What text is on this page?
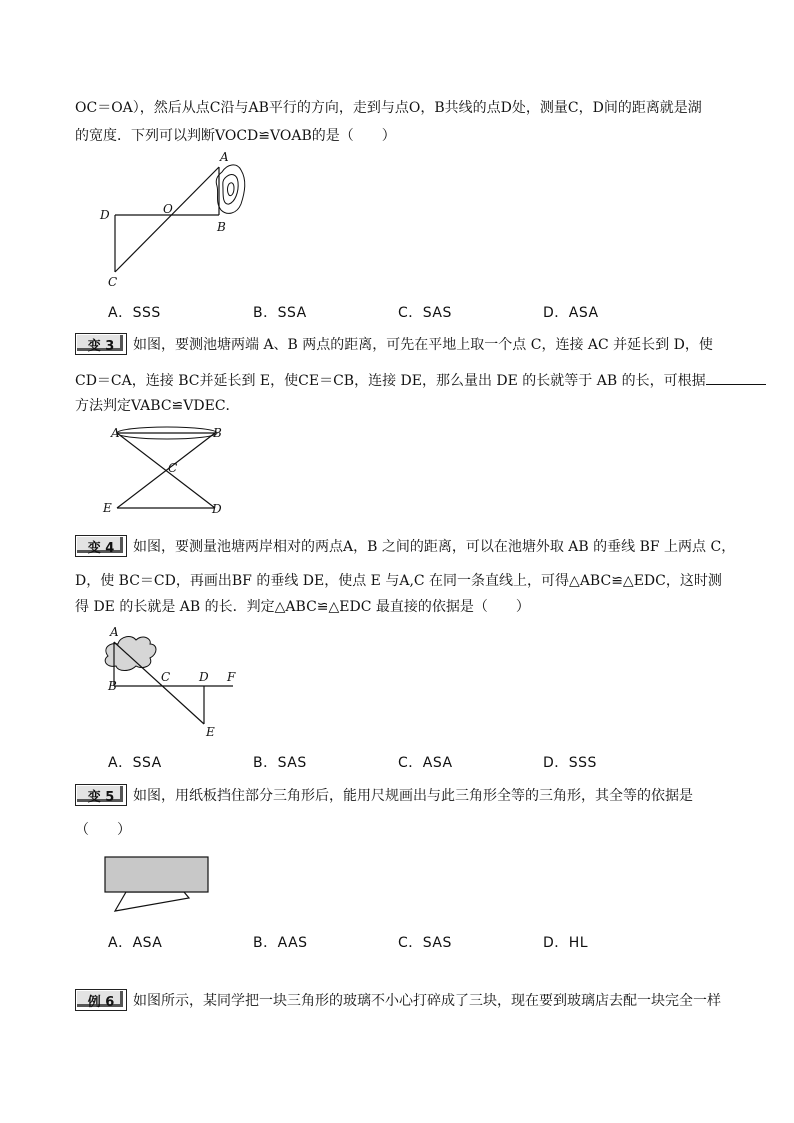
OC＝OA），然后从点C沿与AB平行的方向，走到与点O，B共线的点D处，测量C，D间的距离就是湖
的宽度．下列可以判断VOCD≌VOAB的是（　　）
A
O
D
B
C
A．SSS	B．SSA	C．SAS	D．ASA
变 3	如图，要测池塘两端 A、B 两点的距离，可先在平地上取一个点 C，连接 AC 并延长到 D，使
CD＝CA，连接 BC并延长到 E，使CE＝CB，连接 DE，那么量出 DE 的长就等于 AB 的长，可根据
方法判定VABC≌VDEC．
A	B
C
E	D
变 4	如图，要测量池塘两岸相对的两点A，B 之间的距离，可以在池塘外取 AB 的垂线 BF 上两点 C，
D，使 BC＝CD，再画出BF 的垂线 DE，使点 E 与A,C 在同一条直线上，可得△ABC≌△EDC，这时测
得 DE 的长就是 AB 的长．判定△ABC≌△EDC 最直接的依据是（　　）
A
B
C D F
E
A．SSA	B．SAS	C．ASA	D．SSS
变 5	如图，用纸板挡住部分三角形后，能用尺规画出与此三角形全等的三角形，其全等的依据是
（　　）
A．ASA	B．AAS	C．SAS	D．HL
例 6	如图所示，某同学把一块三角形的玻璃不小心打碎成了三块，现在要到玻璃店去配一块完全一样
